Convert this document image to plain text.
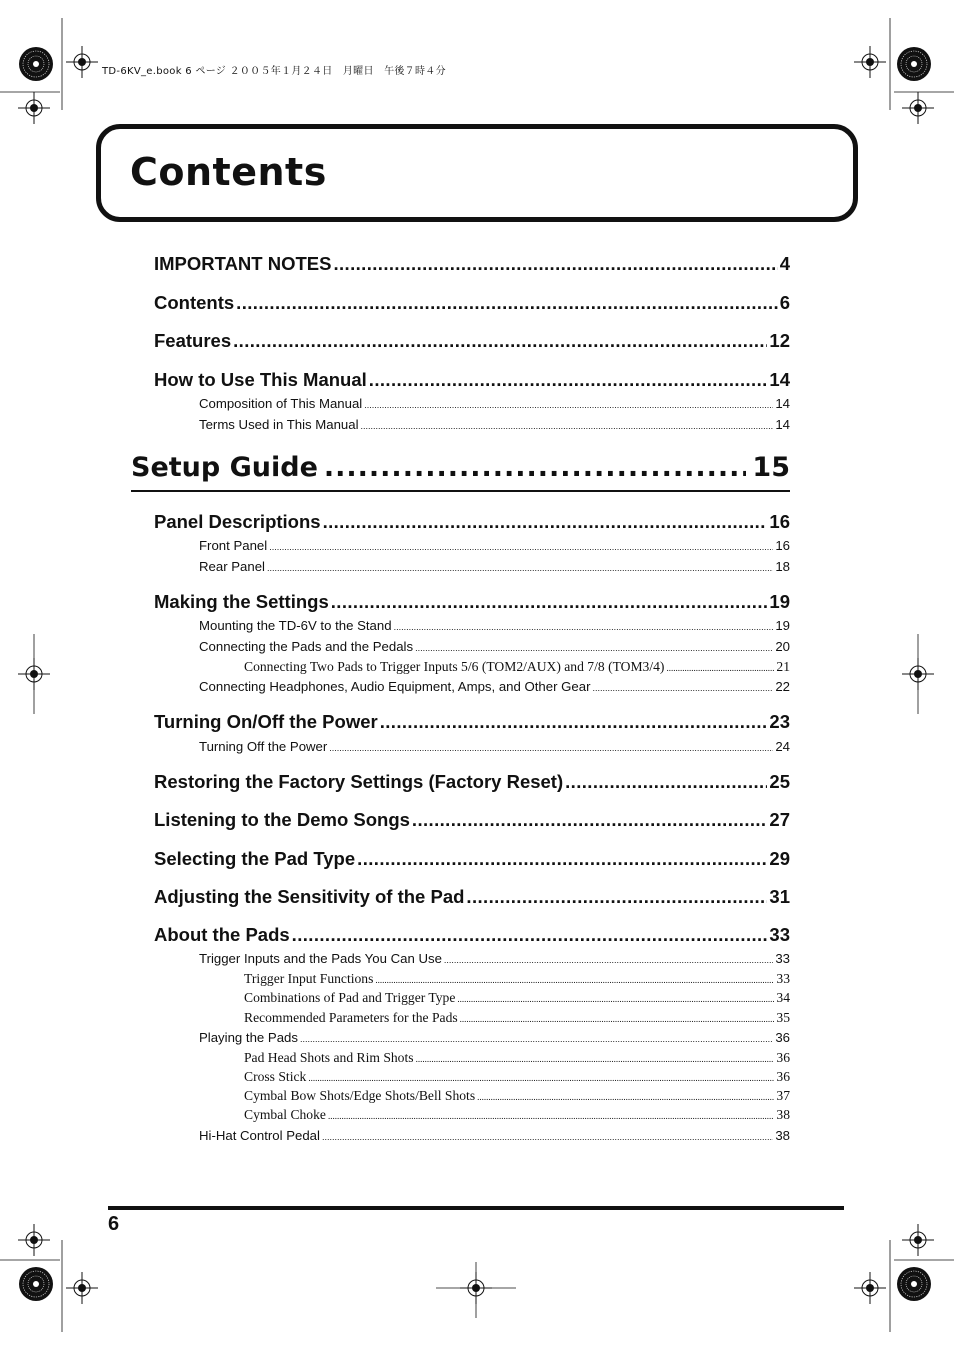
TD-6KV_e.book 6 ページ ２００５年１月２４日　月曜日　午後７時４分
Contents
IMPORTANT NOTES .....	4
Contents .....	6
Features .....	12
How to Use This Manual .....	14
Composition of This Manual .....	14
Terms Used in This Manual .....	14
Setup Guide .....	15
Panel Descriptions .....	16
Front Panel .....	16
Rear Panel .....	18
Making the Settings .....	19
Mounting the TD-6V to the Stand .....	19
Connecting the Pads and the Pedals .....	20
Connecting Two Pads to Trigger Inputs 5/6 (TOM2/AUX) and 7/8 (TOM3/4) .....	21
Connecting Headphones, Audio Equipment, Amps, and Other Gear .....	22
Turning On/Off the Power .....	23
Turning Off the Power .....	24
Restoring the Factory Settings (Factory Reset) .....	25
Listening to the Demo Songs .....	27
Selecting the Pad Type .....	29
Adjusting the Sensitivity of the Pad .....	31
About the Pads .....	33
Trigger Inputs and the Pads You Can Use .....	33
Trigger Input Functions .....	33
Combinations of Pad and Trigger Type .....	34
Recommended Parameters for the Pads .....	35
Playing the Pads .....	36
Pad Head Shots and Rim Shots .....	36
Cross Stick .....	36
Cymbal Bow Shots/Edge Shots/Bell Shots .....	37
Cymbal Choke .....	38
Hi-Hat Control Pedal .....	38
6
